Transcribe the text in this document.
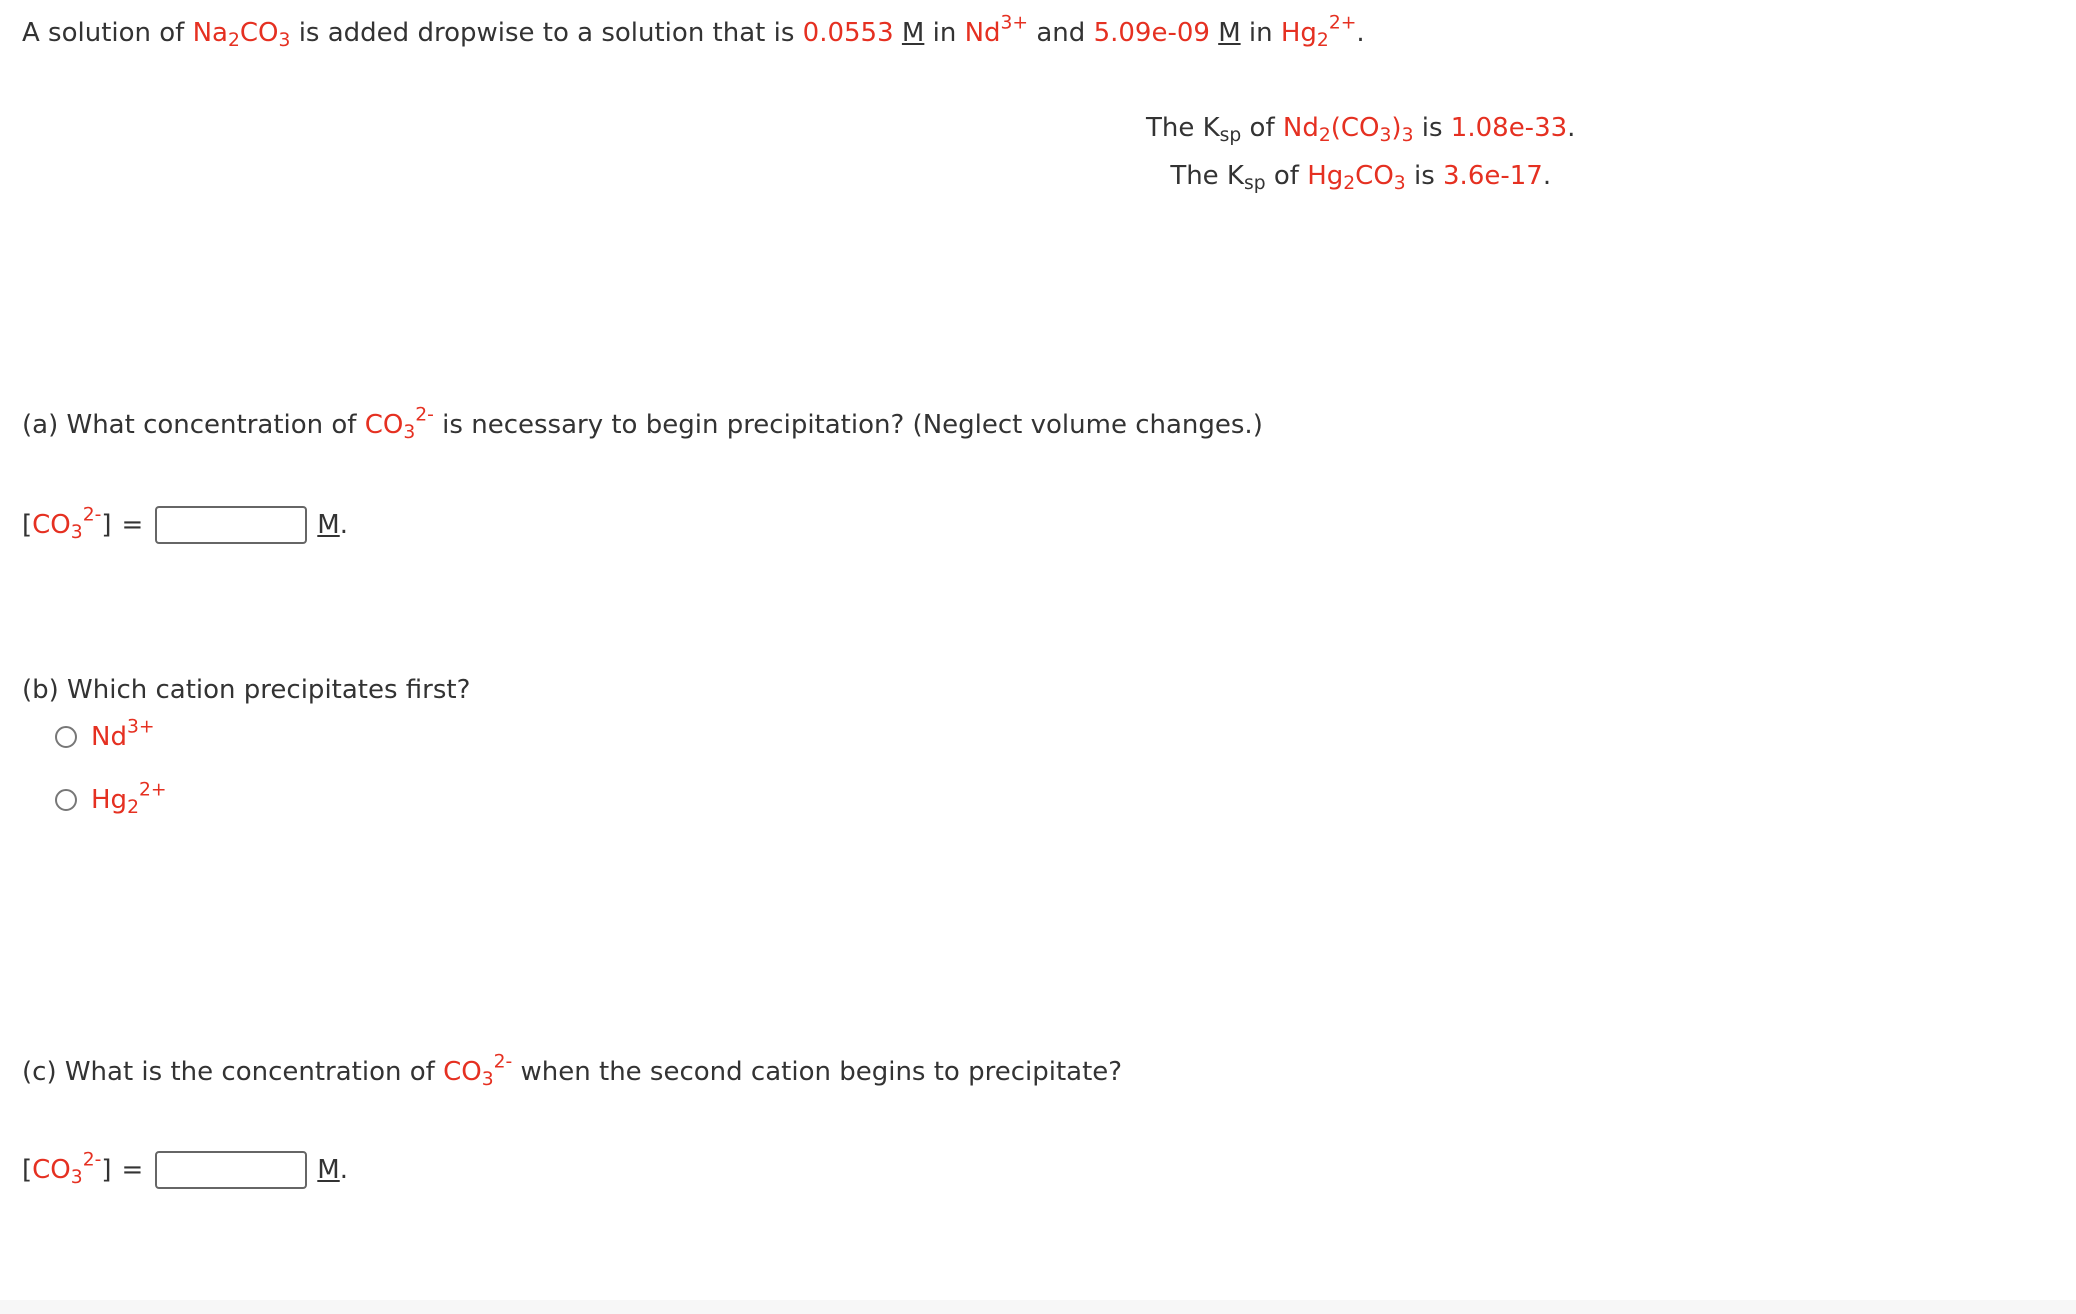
A solution of $Na_2CO_3$ is added dropwise to a solution that is 0.0553 M in $Nd^{3+}$ and 5.09e-09 M in $Hg_2^{2+}$.
The $K_{sp}$ of $Nd_2(CO_3)_3$ is 1.08e-33.
The $K_{sp}$ of $Hg_2CO_3$ is 3.6e-17.
(a) What concentration of $CO_3^{2-}$ is necessary to begin precipitation? (Neglect volume changes.)
$[CO_3^{2-}]$ =	M.
(b) Which cation precipitates first?
$Nd^{3+}$
$Hg_2^{2+}$
(c) What is the concentration of $CO_3^{2-}$ when the second cation begins to precipitate?
$[CO_3^{2-}]$ =	M.
